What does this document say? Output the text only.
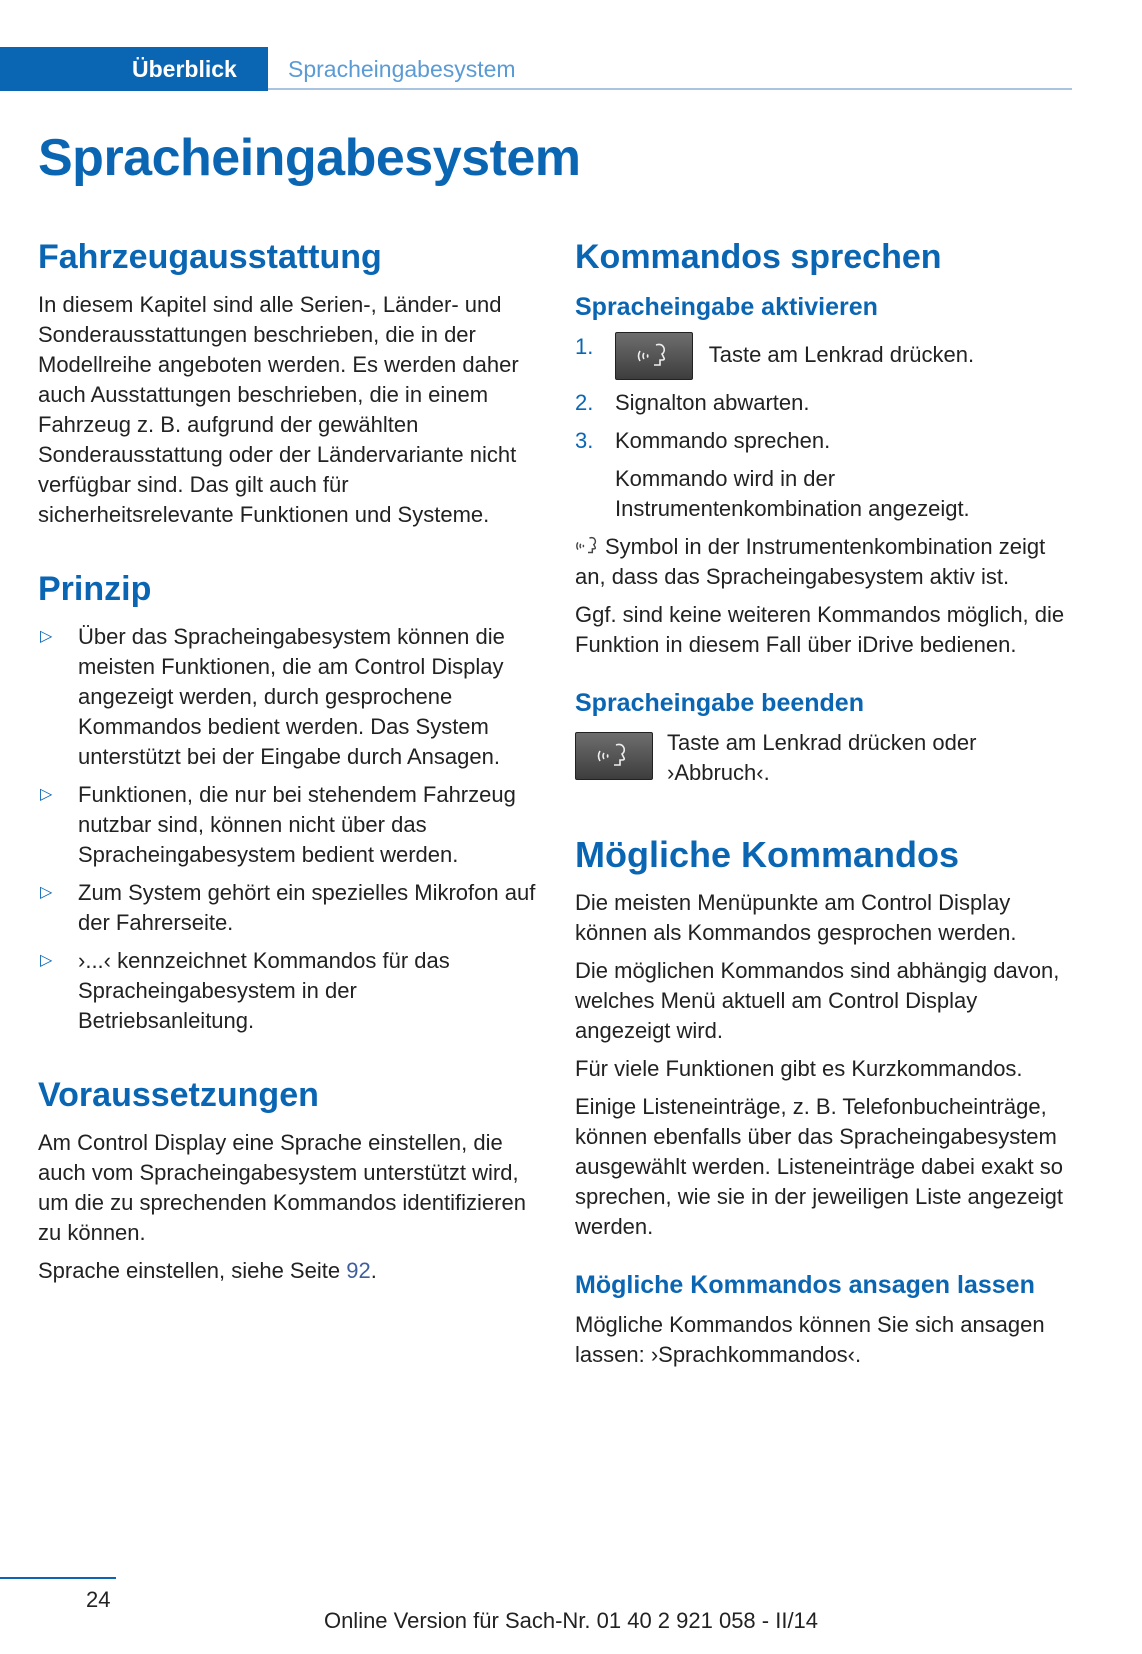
Überblick Spracheingabesystem
Spracheingabesystem
Fahrzeugausstattung

In diesem Kapitel sind alle Serien-, Länder- und Sonderausstattungen beschrieben, die in der Modellreihe angeboten werden. Es werden daher auch Ausstattungen beschrieben, die in einem Fahrzeug z. B. aufgrund der gewählten Sonderausstattung oder der Ländervariante nicht verfügbar sind. Das gilt auch für sicherheitsrelevante Funktionen und Systeme.

Prinzip
▷ Über das Spracheingabesystem können die meisten Funktionen, die am Control Display angezeigt werden, durch gesprochene Kommandos bedient werden. Das System unterstützt bei der Eingabe durch Ansagen.
▷ Funktionen, die nur bei stehendem Fahrzeug nutzbar sind, können nicht über das Spracheingabesystem bedient werden.
▷ Zum System gehört ein spezielles Mikrofon auf der Fahrerseite.
▷ ›...‹ kennzeichnet Kommandos für das Spracheingabesystem in der Betriebsanleitung.
Voraussetzungen

Am Control Display eine Sprache einstellen, die auch vom Spracheingabesystem unterstützt wird, um die zu sprechenden Kommandos identifizieren zu können.

Sprache einstellen, siehe Seite 92.

Kommandos sprechen
Spracheingabe aktivieren
1.	Taste am Lenkrad drücken.
2. Signalton abwarten.
3. Kommando sprechen.
Kommando wird in der Instrumentenkombination angezeigt.

Symbol in der Instrumentenkombination zeigt an, dass das Spracheingabesystem aktiv ist.

Ggf. sind keine weiteren Kommandos möglich, die Funktion in diesem Fall über iDrive bedienen.

Spracheingabe beenden

Taste am Lenkrad drücken oder ›Abbruch‹.

Mögliche Kommandos

Die meisten Menüpunkte am Control Display können als Kommandos gesprochen werden.

Die möglichen Kommandos sind abhängig davon, welches Menü aktuell am Control Display angezeigt wird.

Für viele Funktionen gibt es Kurzkommandos.

Einige Listeneinträge, z. B. Telefonbucheinträge, können ebenfalls über das Spracheingabesystem ausgewählt werden. Listeneinträge dabei exakt so sprechen, wie sie in der jeweiligen Liste angezeigt werden.

Mögliche Kommandos ansagen lassen

Mögliche Kommandos können Sie sich ansagen lassen: ›Sprachkommandos‹.

24
Online Version für Sach-Nr. 01 40 2 921 058 - II/14
